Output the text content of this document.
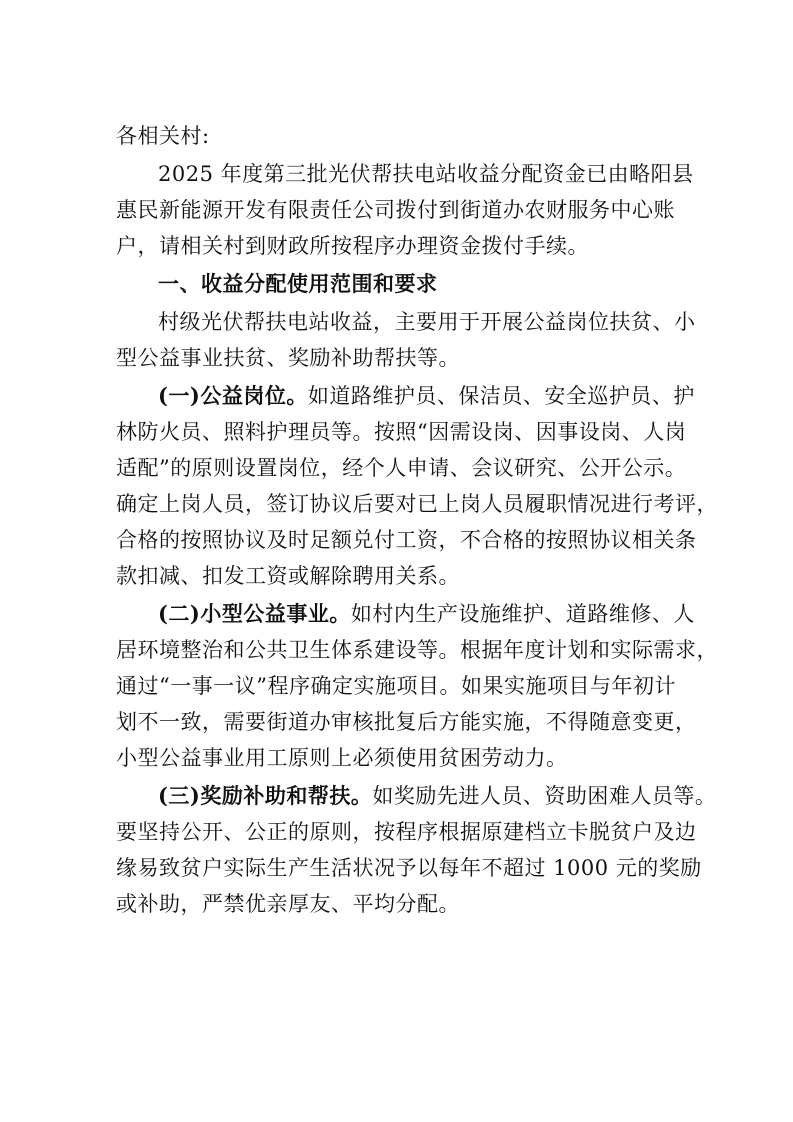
各相关村:
2025 年度第三批光伏帮扶电站收益分配资金已由略阳县
惠民新能源开发有限责任公司拨付到街道办农财服务中心账
户，请相关村到财政所按程序办理资金拨付手续。
一、收益分配使用范围和要求
村级光伏帮扶电站收益，主要用于开展公益岗位扶贫、小
型公益事业扶贫、奖励补助帮扶等。
(一)公益岗位。如道路维护员、保洁员、安全巡护员、护
林防火员、照料护理员等。按照“因需设岗、因事设岗、人岗
适配”的原则设置岗位，经个人申请、会议研究、公开公示。
确定上岗人员，签订协议后要对已上岗人员履职情况进行考评，
合格的按照协议及时足额兑付工资，不合格的按照协议相关条
款扣减、扣发工资或解除聘用关系。
(二)小型公益事业。如村内生产设施维护、道路维修、人
居环境整治和公共卫生体系建设等。根据年度计划和实际需求，
通过“一事一议”程序确定实施项目。如果实施项目与年初计
划不一致，需要街道办审核批复后方能实施，不得随意变更，
小型公益事业用工原则上必须使用贫困劳动力。
(三)奖励补助和帮扶。如奖励先进人员、资助困难人员等。
要坚持公开、公正的原则，按程序根据原建档立卡脱贫户及边
缘易致贫户实际生产生活状况予以每年不超过 1000 元的奖励
或补助，严禁优亲厚友、平均分配。
